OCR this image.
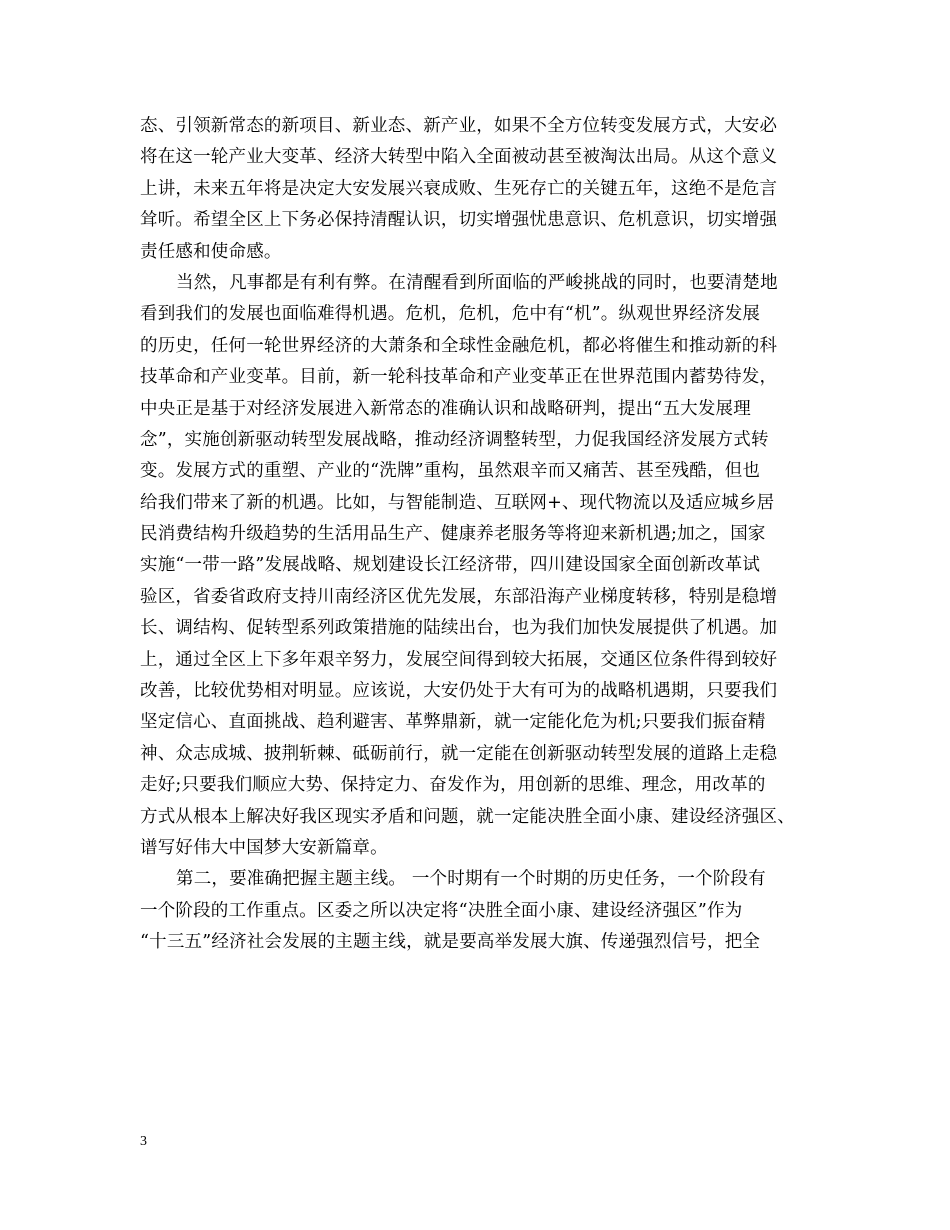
态、引领新常态的新项目、新业态、新产业，如果不全方位转变发展方式，大安必
将在这一轮产业大变革、经济大转型中陷入全面被动甚至被淘汰出局。从这个意义
上讲，未来五年将是决定大安发展兴衰成败、生死存亡的关键五年，这绝不是危言
耸听。希望全区上下务必保持清醒认识，切实增强忧患意识、危机意识，切实增强
责任感和使命感。
当然，凡事都是有利有弊。在清醒看到所面临的严峻挑战的同时，也要清楚地
看到我们的发展也面临难得机遇。危机，危机，危中有“机”。纵观世界经济发展
的历史，任何一轮世界经济的大萧条和全球性金融危机，都必将催生和推动新的科
技革命和产业变革。目前，新一轮科技革命和产业变革正在世界范围内蓄势待发，
中央正是基于对经济发展进入新常态的准确认识和战略研判，提出“五大发展理
念”，实施创新驱动转型发展战略，推动经济调整转型，力促我国经济发展方式转
变。发展方式的重塑、产业的“洗牌”重构，虽然艰辛而又痛苦、甚至残酷，但也
给我们带来了新的机遇。比如，与智能制造、互联网+、现代物流以及适应城乡居
民消费结构升级趋势的生活用品生产、健康养老服务等将迎来新机遇;加之，国家
实施“一带一路”发展战略、规划建设长江经济带，四川建设国家全面创新改革试
验区，省委省政府支持川南经济区优先发展，东部沿海产业梯度转移，特别是稳增
长、调结构、促转型系列政策措施的陆续出台，也为我们加快发展提供了机遇。加
上，通过全区上下多年艰辛努力，发展空间得到较大拓展，交通区位条件得到较好
改善，比较优势相对明显。应该说，大安仍处于大有可为的战略机遇期，只要我们
坚定信心、直面挑战、趋利避害、革弊鼎新，就一定能化危为机;只要我们振奋精
神、众志成城、披荆斩棘、砥砺前行，就一定能在创新驱动转型发展的道路上走稳
走好;只要我们顺应大势、保持定力、奋发作为，用创新的思维、理念，用改革的
方式从根本上解决好我区现实矛盾和问题，就一定能决胜全面小康、建设经济强区、
谱写好伟大中国梦大安新篇章。
第二，要准确把握主题主线。 一个时期有一个时期的历史任务，一个阶段有
一个阶段的工作重点。区委之所以决定将“决胜全面小康、建设经济强区”作为
“十三五”经济社会发展的主题主线，就是要高举发展大旗、传递强烈信号，把全
3
